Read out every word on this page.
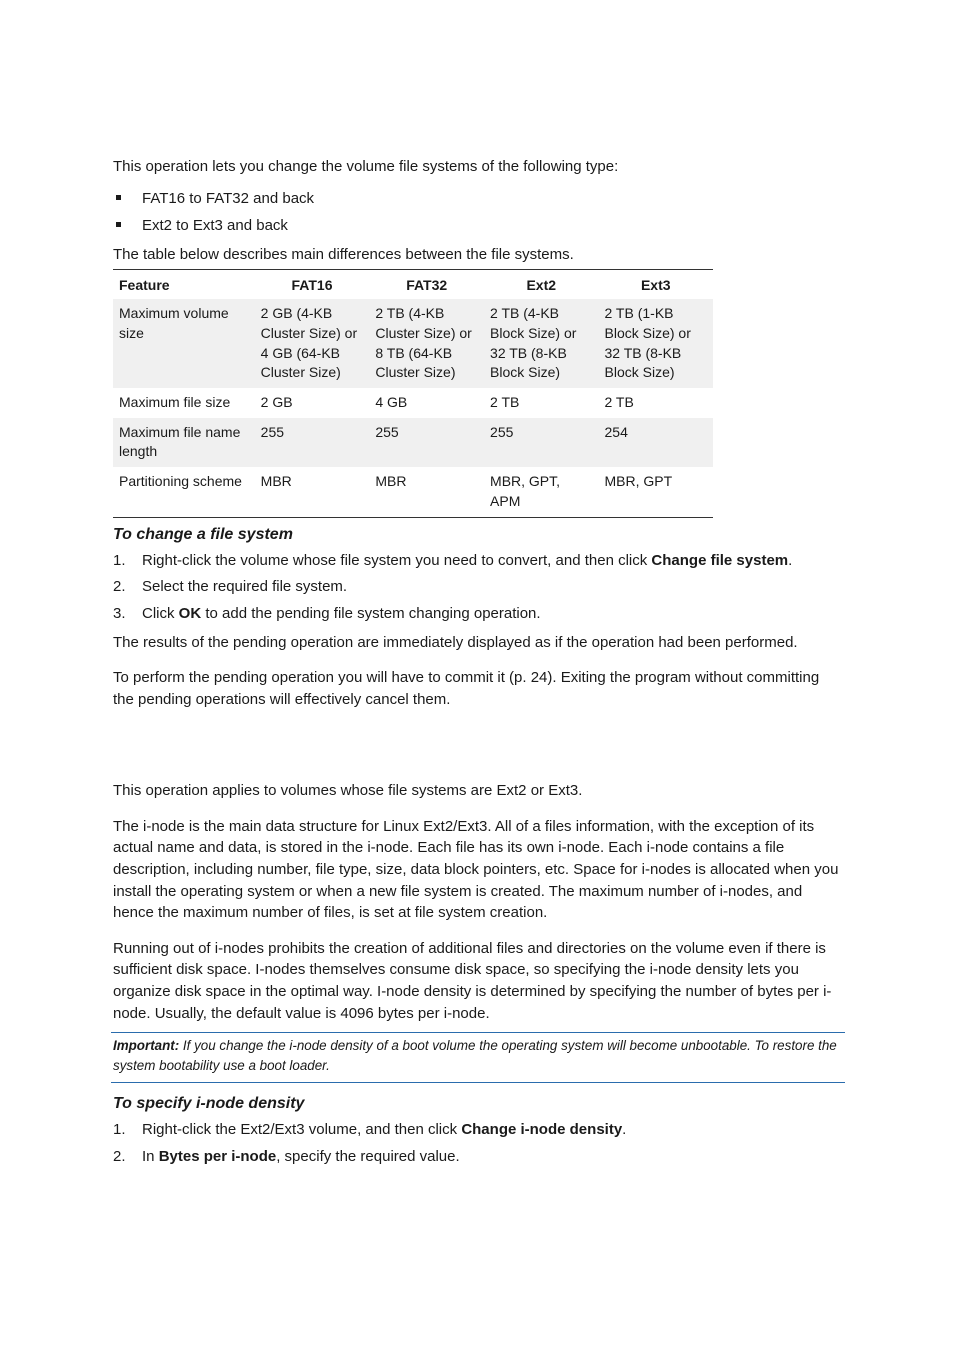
This operation lets you change the volume file systems of the following type:

FAT16 to FAT32 and back
Ext2 to Ext3 and back

The table below describes main differences between the file systems.

Feature	FAT16	FAT32	Ext2	Ext3
Maximum volume size	2 GB (4-KB Cluster Size) or 4 GB (64-KB Cluster Size)	2 TB (4-KB Cluster Size) or 8 TB (64-KB Cluster Size)	2 TB (4-KB Block Size) or 32 TB (8-KB Block Size)	2 TB (1-KB Block Size) or 32 TB (8-KB Block Size)
Maximum file size	2 GB	4 GB	2 TB	2 TB
Maximum file name length	255	255	255	254
Partitioning scheme	MBR	MBR	MBR, GPT, APM	MBR, GPT
To change a file system
1. Right-click the volume whose file system you need to convert, and then click Change file system.
2. Select the required file system.
3. Click OK to add the pending file system changing operation.

The results of the pending operation are immediately displayed as if the operation had been performed.

To perform the pending operation you will have to commit it (p. 24). Exiting the program without committing the pending operations will effectively cancel them.

This operation applies to volumes whose file systems are Ext2 or Ext3.

The i-node is the main data structure for Linux Ext2/Ext3. All of a files information, with the exception of its actual name and data, is stored in the i-node. Each file has its own i-node. Each i-node contains a file description, including number, file type, size, data block pointers, etc. Space for i-nodes is allocated when you install the operating system or when a new file system is created. The maximum number of i-nodes, and hence the maximum number of files, is set at file system creation.

Running out of i-nodes prohibits the creation of additional files and directories on the volume even if there is sufficient disk space. I-nodes themselves consume disk space, so specifying the i-node density lets you organize disk space in the optimal way. I-node density is determined by specifying the number of bytes per i-node. Usually, the default value is 4096 bytes per i-node.

Important: If you change the i-node density of a boot volume the operating system will become unbootable. To restore the system bootability use a boot loader.
To specify i-node density
1. Right-click the Ext2/Ext3 volume, and then click Change i-node density.
2. In Bytes per i-node, specify the required value.
